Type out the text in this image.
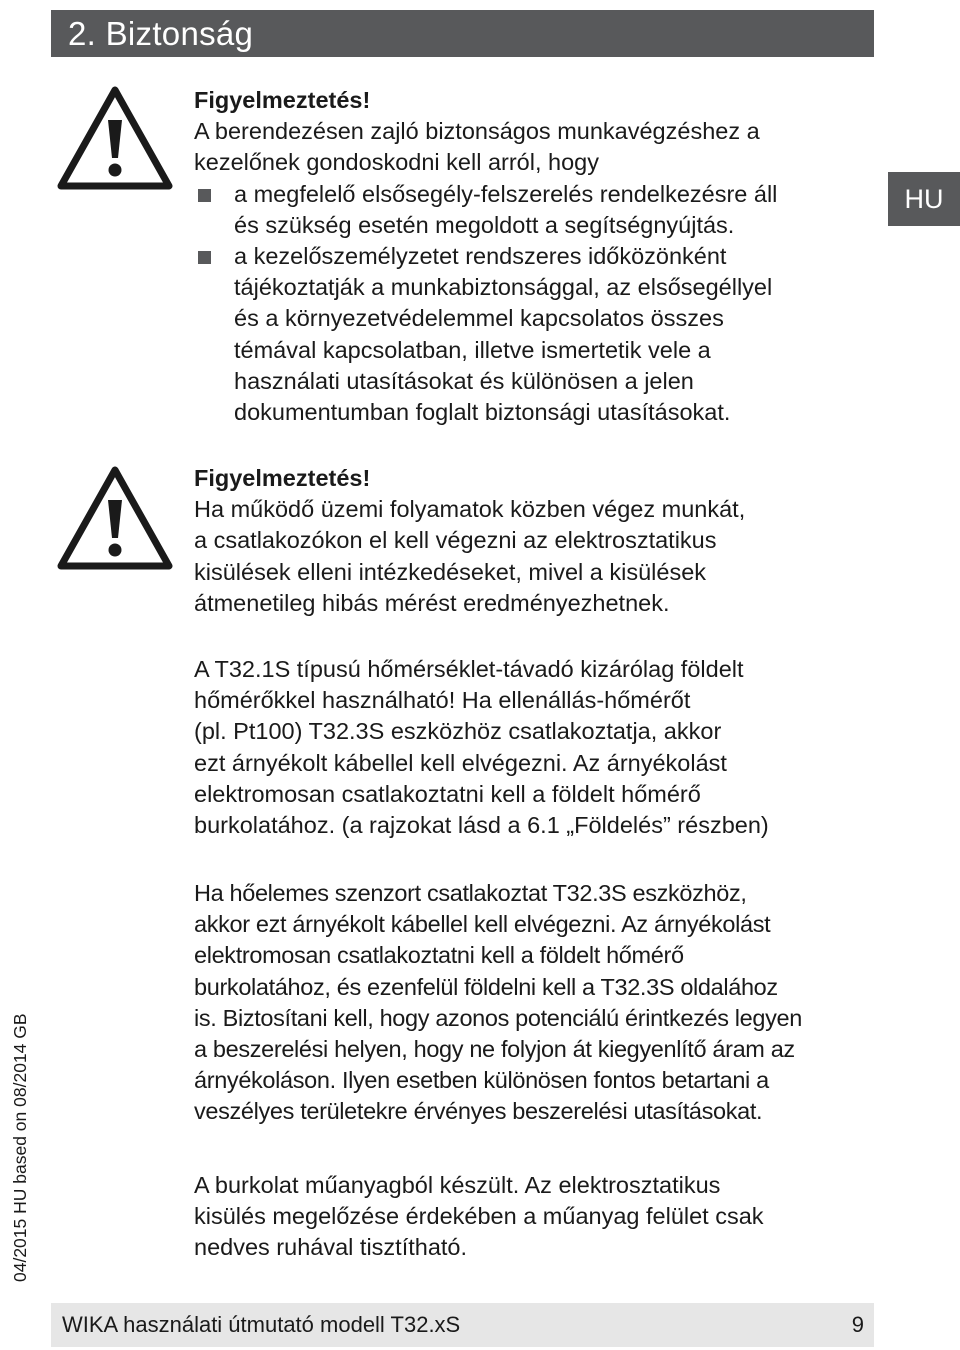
2. Biztonság
HU

Figyelmeztetés!

A berendezésen zajló biztonságos munkavégzéshez a

kezelőnek gondoskodni kell arról, hogy

a megfelelő elsősegély-felszerelés rendelkezésre áll
és szükség esetén megoldott a segítségnyújtás.
a kezelőszemélyzetet rendszeres időközönként
tájékoztatják a munkabiztonsággal, az elsősegéllyel
és a környezetvédelemmel kapcsolatos összes
témával kapcsolatban, illetve ismertetik vele a
használati utasításokat és különösen a jelen
dokumentumban foglalt biztonsági utasításokat.

Figyelmeztetés!

Ha működő üzemi folyamatok közben végez munkát,

a csatlakozókon el kell végezni az elektrosztatikus

kisülések elleni intézkedéseket, mivel a kisülések

átmenetileg hibás mérést eredményezhetnek.

A T32.1S típusú hőmérséklet-távadó kizárólag földelt

hőmérőkkel használható! Ha ellenállás-hőmérőt

(pl. Pt100) T32.3S eszközhöz csatlakoztatja, akkor

ezt árnyékolt kábellel kell elvégezni. Az árnyékolást

elektromosan csatlakoztatni kell a földelt hőmérő

burkolatához. (a rajzokat lásd a 6.1 „Földelés” részben)

Ha hőelemes szenzort csatlakoztat T32.3S eszközhöz,

akkor ezt árnyékolt kábellel kell elvégezni. Az árnyékolást

elektromosan csatlakoztatni kell a földelt hőmérő

burkolatához, és ezenfelül földelni kell a T32.3S oldalához

is. Biztosítani kell, hogy azonos potenciálú érintkezés legyen

a beszerelési helyen, hogy ne folyjon át kiegyenlítő áram az

árnyékoláson. Ilyen esetben különösen fontos betartani a

veszélyes területekre érvényes beszerelési utasításokat.

A burkolat műanyagból készült. Az elektrosztatikus

kisülés megelőzése érdekében a műanyag felület csak

nedves ruhával tisztítható.

04/2015 HU based on 08/2014 GB
WIKA használati útmutató modell T32.xS	9
